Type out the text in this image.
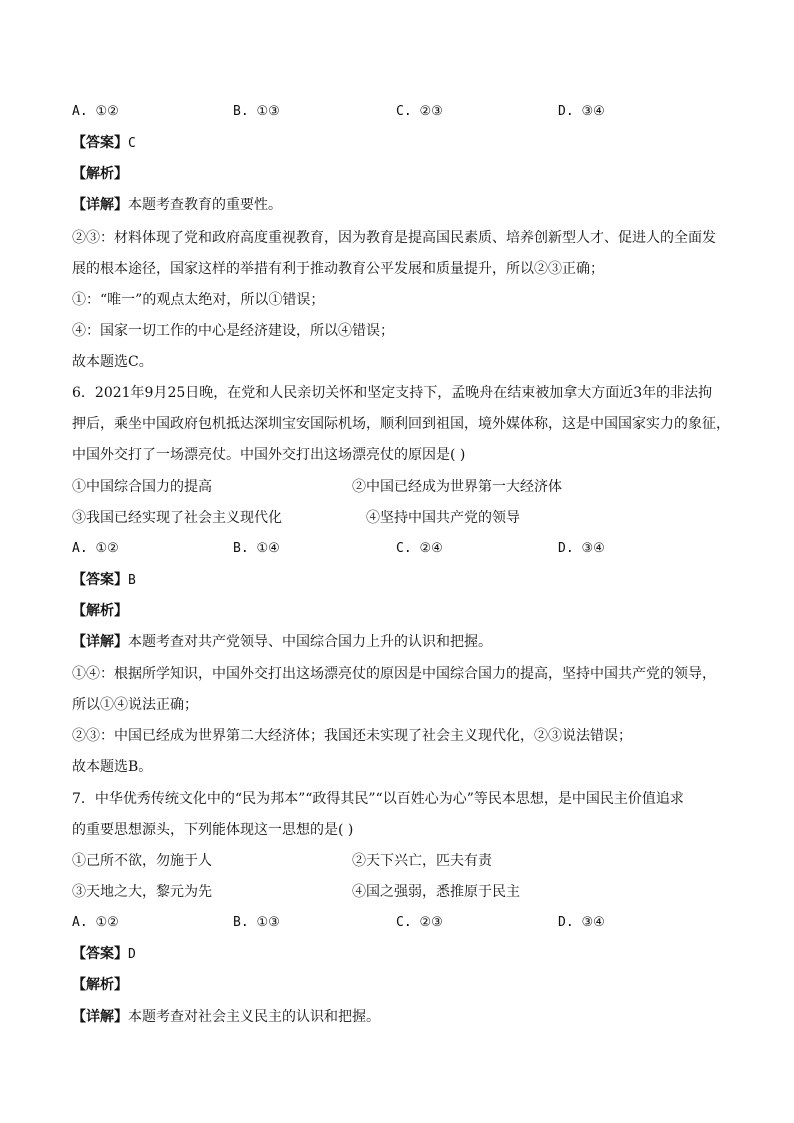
A. ①②	B. ①③	C. ②③	D. ③④
【答案】C
【解析】
【详解】本题考查教育的重要性。
②③：材料体现了党和政府高度重视教育，因为教育是提高国民素质、培养创新型人才、促进人的全面发
展的根本途径，国家这样的举措有利于推动教育公平发展和质量提升，所以②③正确；
①：“唯一”的观点太绝对，所以①错误；
④：国家一切工作的中心是经济建设，所以④错误；
故本题选C。
6．2021年9月25日晚，在党和人民亲切关怀和坚定支持下，孟晚舟在结束被加拿大方面近3年的非法拘
押后，乘坐中国政府包机抵达深圳宝安国际机场，顺利回到祖国，境外媒体称，这是中国国家实力的象征，
中国外交打了一场漂亮仗。中国外交打出这场漂亮仗的原因是( )
①中国综合国力的提高	②中国已经成为世界第一大经济体
③我国已经实现了社会主义现代化	④坚持中国共产党的领导
A. ①②	B. ①④	C. ②④	D. ③④
【答案】B
【解析】
【详解】本题考查对共产党领导、中国综合国力上升的认识和把握。
①④：根据所学知识，中国外交打出这场漂亮仗的原因是中国综合国力的提高，坚持中国共产党的领导，
所以①④说法正确；
②③：中国已经成为世界第二大经济体；我国还未实现了社会主义现代化，②③说法错误；
故本题选B。
7．中华优秀传统文化中的“民为邦本”“政得其民”“以百姓心为心”等民本思想，是中国民主价值追求
的重要思想源头，下列能体现这一思想的是( )
①己所不欲，勿施于人	②天下兴亡，匹夫有责
③天地之大，黎元为先	④国之强弱，悉推原于民主
A. ①②	B. ①③	C. ②③	D. ③④
【答案】D
【解析】
【详解】本题考查对社会主义民主的认识和把握。
